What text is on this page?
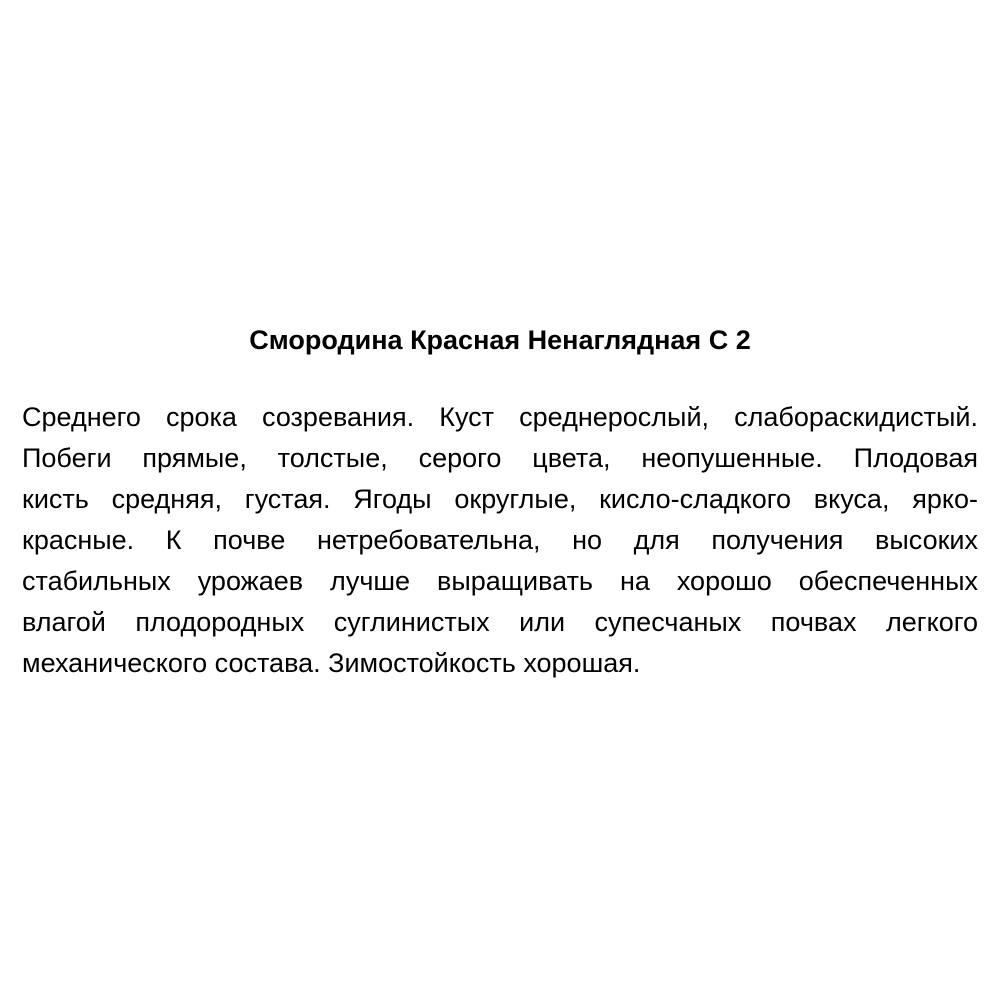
Смородина Красная Ненаглядная С 2
Среднего срока созревания. Куст среднерослый, слабораскидистый.
Побеги прямые, толстые, серого цвета, неопушенные. Плодовая
кисть средняя, густая. Ягоды округлые, кисло-сладкого вкуса, ярко-
красные. К почве нетребовательна, но для получения высоких
стабильных урожаев лучше выращивать на хорошо обеспеченных
влагой плодородных суглинистых или супесчаных почвах легкого
механического состава. Зимостойкость хорошая.
